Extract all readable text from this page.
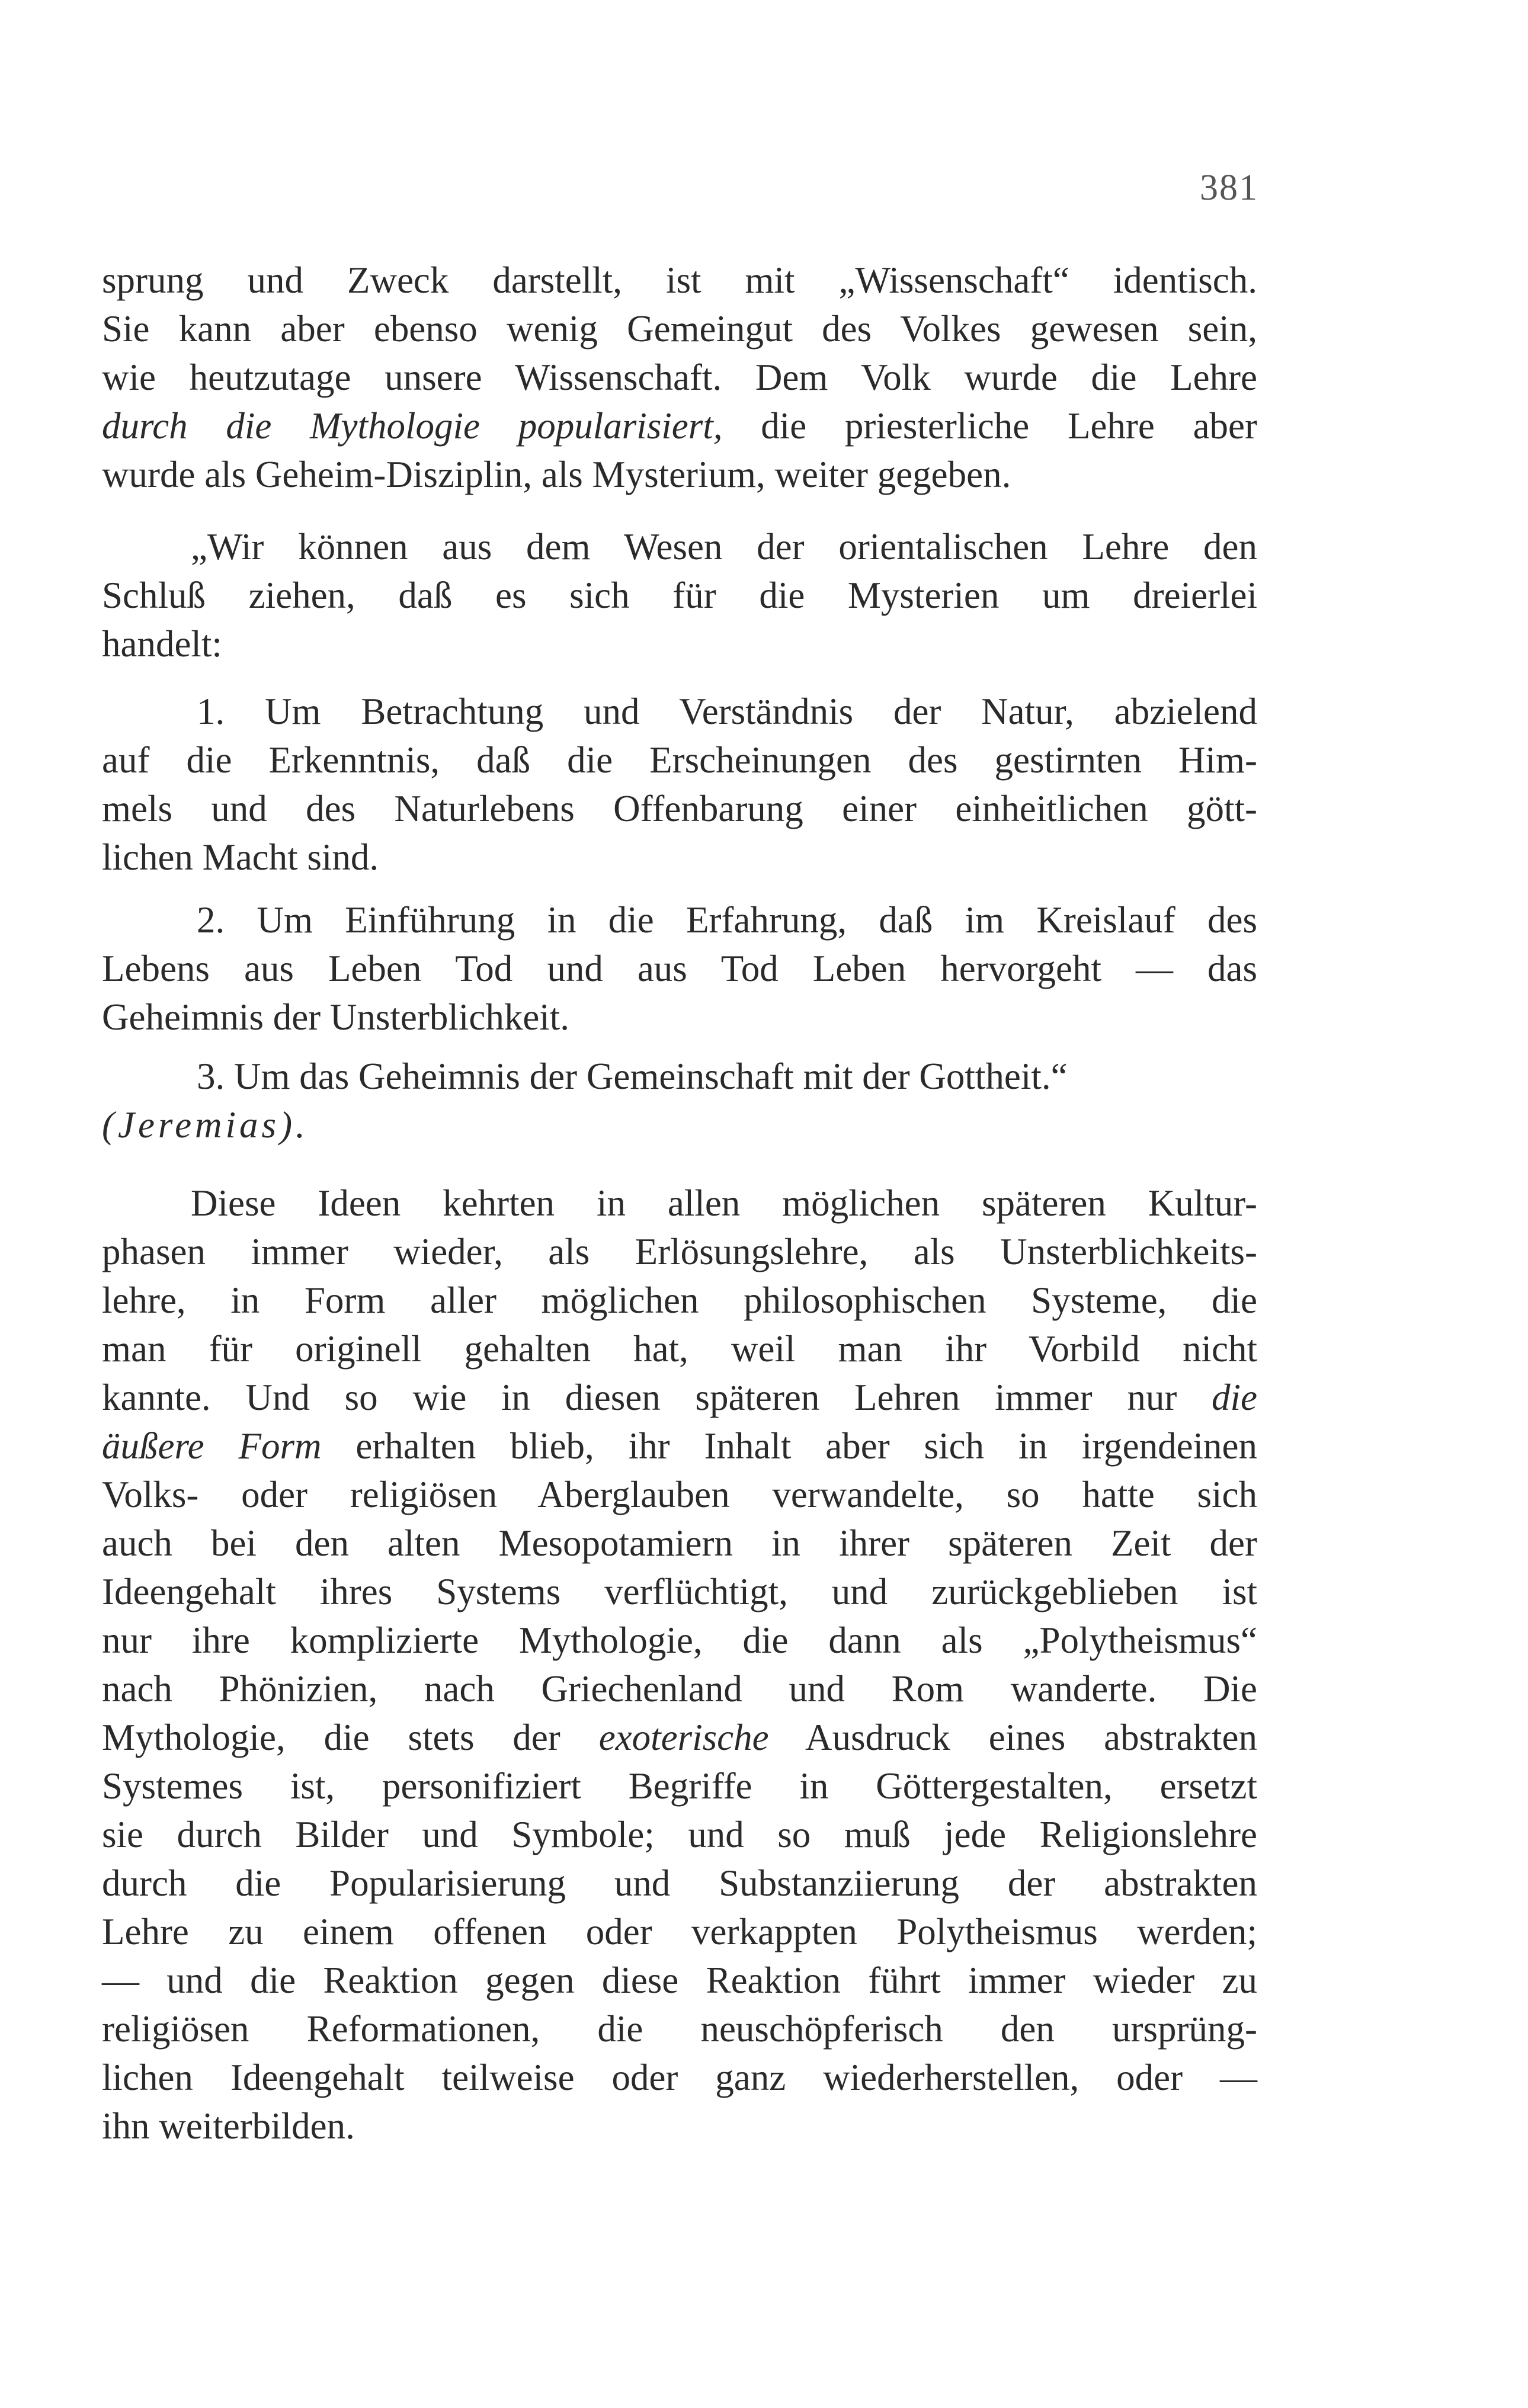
381
sprung und Zweck darstellt, ist mit „Wissenschaft“ identisch.
Sie kann aber ebenso wenig Gemeingut des Volkes gewesen sein,
wie heutzutage unsere Wissenschaft. Dem Volk wurde die Lehre
durch die Mythologie popularisiert, die priesterliche Lehre aber
wurde als Geheim-Disziplin, als Mysterium, weiter gegeben.
„Wir können aus dem Wesen der orientalischen Lehre den
Schluß ziehen, daß es sich für die Mysterien um dreierlei
handelt:
1. Um Betrachtung und Verständnis der Natur, abzielend
auf die Erkenntnis, daß die Erscheinungen des gestirnten Him-
mels und des Naturlebens Offenbarung einer einheitlichen gött-
lichen Macht sind.
2. Um Einführung in die Erfahrung, daß im Kreislauf des
Lebens aus Leben Tod und aus Tod Leben hervorgeht — das
Geheimnis der Unsterblichkeit.
3. Um das Geheimnis der Gemeinschaft mit der Gottheit.“
(Jeremias).
Diese Ideen kehrten in allen möglichen späteren Kultur-
phasen immer wieder, als Erlösungslehre, als Unsterblichkeits-
lehre, in Form aller möglichen philosophischen Systeme, die
man für originell gehalten hat, weil man ihr Vorbild nicht
kannte. Und so wie in diesen späteren Lehren immer nur die
äußere Form erhalten blieb, ihr Inhalt aber sich in irgendeinen
Volks- oder religiösen Aberglauben verwandelte, so hatte sich
auch bei den alten Mesopotamiern in ihrer späteren Zeit der
Ideengehalt ihres Systems verflüchtigt, und zurückgeblieben ist
nur ihre komplizierte Mythologie, die dann als „Polytheismus“
nach Phönizien, nach Griechenland und Rom wanderte. Die
Mythologie, die stets der exoterische Ausdruck eines abstrakten
Systemes ist, personifiziert Begriffe in Göttergestalten, ersetzt
sie durch Bilder und Symbole; und so muß jede Religionslehre
durch die Popularisierung und Substanziierung der abstrakten
Lehre zu einem offenen oder verkappten Polytheismus werden;
— und die Reaktion gegen diese Reaktion führt immer wieder zu
religiösen Reformationen, die neuschöpferisch den ursprüng-
lichen Ideengehalt teilweise oder ganz wiederherstellen, oder —
ihn weiterbilden.
